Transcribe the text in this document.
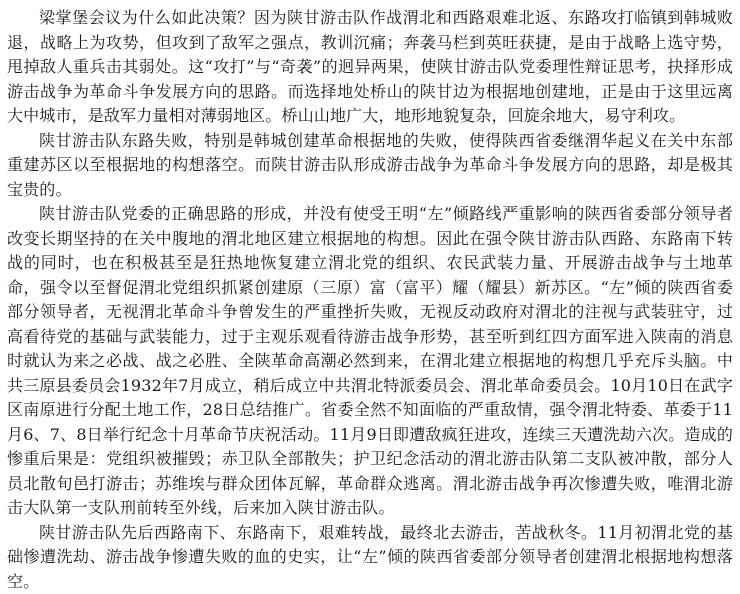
梁掌堡会议为什么如此决策？因为陕甘游击队作战渭北和西路艰难北返、东路攻打临镇到韩城败退，战略上为攻势，但攻到了敌军之强点，教训沉痛；奔袭马栏到英旺获捷，是由于战略上选守势，甩掉敌人重兵击其弱处。这“攻打”与“奇袭”的迥异两果，使陕甘游击队党委理性辩证思考，抉择形成游击战争为革命斗争发展方向的思路。而选择地处桥山的陕甘边为根据地创建地，正是由于这里远离大中城市，是敌军力量相对薄弱地区。桥山山地广大，地形地貌复杂，回旋余地大，易守利攻。

陕甘游击队东路失败，特别是韩城创建革命根据地的失败，使得陕西省委继渭华起义在关中东部重建苏区以至根据地的构想落空。而陕甘游击队形成游击战争为革命斗争发展方向的思路，却是极其宝贵的。

陕甘游击队党委的正确思路的形成，并没有使受王明“左”倾路线严重影响的陕西省委部分领导者改变长期坚持的在关中腹地的渭北地区建立根据地的构想。因此在强令陕甘游击队西路、东路南下转战的同时，也在积极甚至是狂热地恢复建立渭北党的组织、农民武装力量、开展游击战争与土地革命，强令以至督促渭北党组织抓紧创建原（三原）富（富平）耀（耀县）新苏区。“左”倾的陕西省委部分领导者，无视渭北革命斗争曾发生的严重挫折失败，无视反动政府对渭北的注视与武装驻守，过高看待党的基础与武装能力，过于主观乐观看待游击战争形势，甚至听到红四方面军进入陕南的消息时就认为来之必战、战之必胜、全陕革命高潮必然到来，在渭北建立根据地的构想几乎充斥头脑。中共三原县委员会1932年7月成立，稍后成立中共渭北特派委员会、渭北革命委员会。10月10日在武字区南原进行分配土地工作，28日总结推广。省委全然不知面临的严重敌情，强令渭北特委、革委于11月6、7、8日举行纪念十月革命节庆祝活动。11月9日即遭敌疯狂进攻，连续三天遭洗劫六次。造成的惨重后果是：党组织被摧毁；赤卫队全部散失；护卫纪念活动的渭北游击队第二支队被冲散，部分人员北散旬邑打游击；苏维埃与群众团体瓦解，革命群众逃离。渭北游击战争再次惨遭失败，唯渭北游击大队第一支队刑前转至外线，后来加入陕甘游击队。

陕甘游击队先后西路南下、东路南下，艰难转战，最终北去游击，苦战秋冬。11月初渭北党的基础惨遭洗劫、游击战争惨遭失败的血的史实，让“左”倾的陕西省委部分领导者创建渭北根据地构想落空。
